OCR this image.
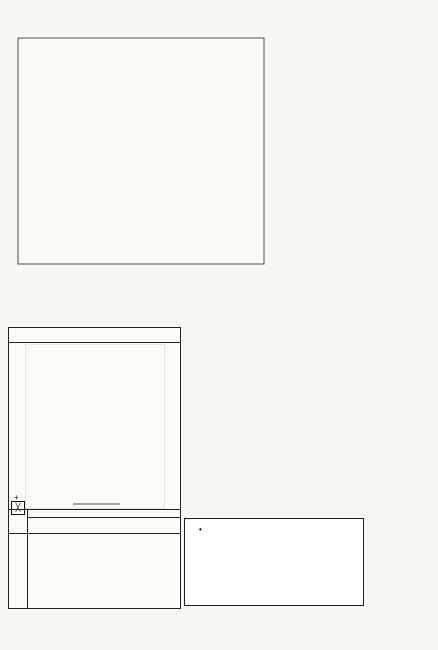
╳
+
